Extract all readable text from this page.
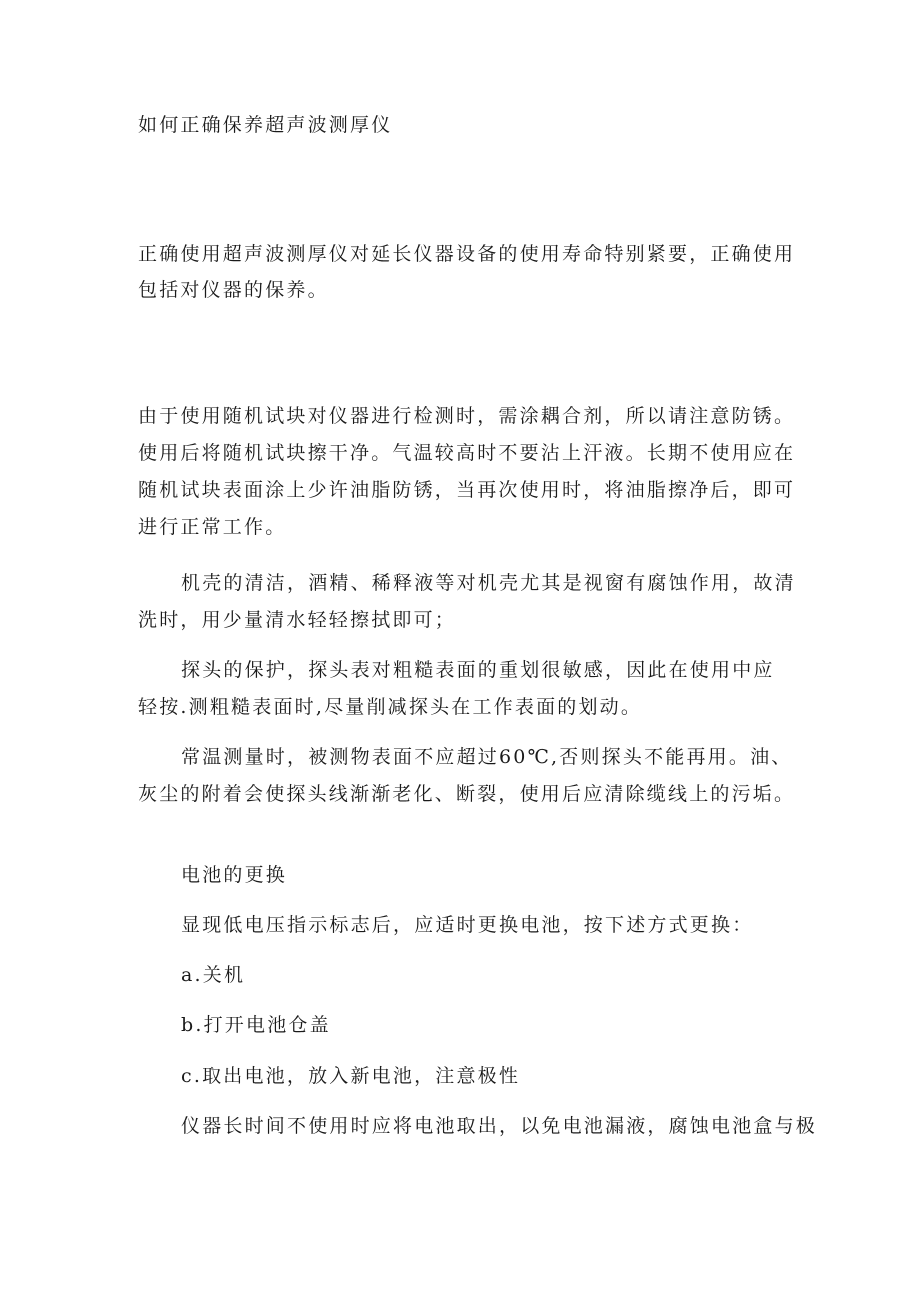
如何正确保养超声波测厚仪

正确使用超声波测厚仪对延长仪器设备的使用寿命特别紧要，正确使用包括对仪器的保养。

由于使用随机试块对仪器进行检测时，需涂耦合剂，所以请注意防锈。使用后将随机试块擦干净。气温较高时不要沾上汗液。长期不使用应在随机试块表面涂上少许油脂防锈，当再次使用时，将油脂擦净后，即可进行正常工作。

机壳的清洁，酒精、稀释液等对机壳尤其是视窗有腐蚀作用，故清洗时，用少量清水轻轻擦拭即可；

探头的保护，探头表对粗糙表面的重划很敏感，因此在使用中应轻按.测粗糙表面时,尽量削减探头在工作表面的划动。

常温测量时，被测物表面不应超过60℃,否则探头不能再用。油、灰尘的附着会使探头线渐渐老化、断裂，使用后应清除缆线上的污垢。

电池的更换

显现低电压指示标志后，应适时更换电池，按下述方式更换：

a.关机

b.打开电池仓盖

c.取出电池，放入新电池，注意极性

仪器长时间不使用时应将电池取出，以免电池漏液，腐蚀电池盒与极
